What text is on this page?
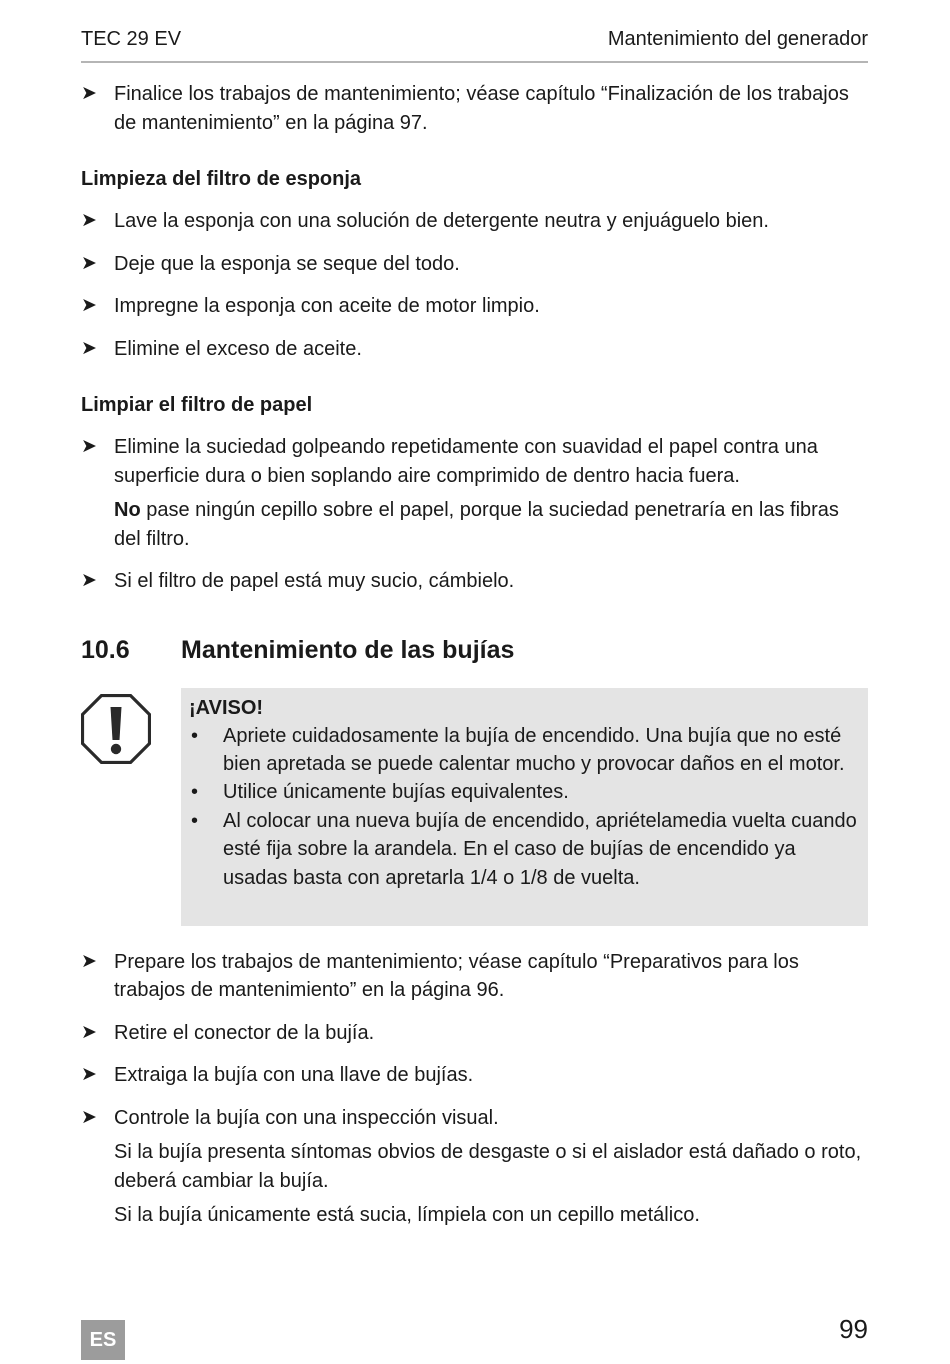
TEC 29 EV	Mantenimiento del generador
➤ Finalice los trabajos de mantenimiento; véase capítulo “Finalización de los trabajos de mantenimiento” en la página 97.
Limpieza del filtro de esponja
➤ Lave la esponja con una solución de detergente neutra y enjuáguelo bien.
➤ Deje que la esponja se seque del todo.
➤ Impregne la esponja con aceite de motor limpio.
➤ Elimine el exceso de aceite.
Limpiar el filtro de papel
➤ Elimine la suciedad golpeando repetidamente con suavidad el papel contra una superficie dura o bien soplando aire comprimido de dentro hacia fuera.
No pase ningún cepillo sobre el papel, porque la suciedad penetraría en las fibras del filtro.
➤ Si el filtro de papel está muy sucio, cámbielo.
10.6	Mantenimiento de las bujías
¡AVISO!
•	Apriete cuidadosamente la bujía de encendido. Una bujía que no esté bien apretada se puede calentar mucho y provocar daños en el motor.
•	Utilice únicamente bujías equivalentes.
•	Al colocar una nueva bujía de encendido, apriételamedia vuelta cuando esté fija sobre la arandela. En el caso de bujías de encendido ya usadas basta con apretarla 1/4 o 1/8 de vuelta.
➤ Prepare los trabajos de mantenimiento; véase capítulo “Preparativos para los trabajos de mantenimiento” en la página 96.
➤ Retire el conector de la bujía.
➤ Extraiga la bujía con una llave de bujías.
➤ Controle la bujía con una inspección visual.
Si la bujía presenta síntomas obvios de desgaste o si el aislador está dañado o roto, deberá cambiar la bujía.
Si la bujía únicamente está sucia, límpiela con un cepillo metálico.
ES	99
